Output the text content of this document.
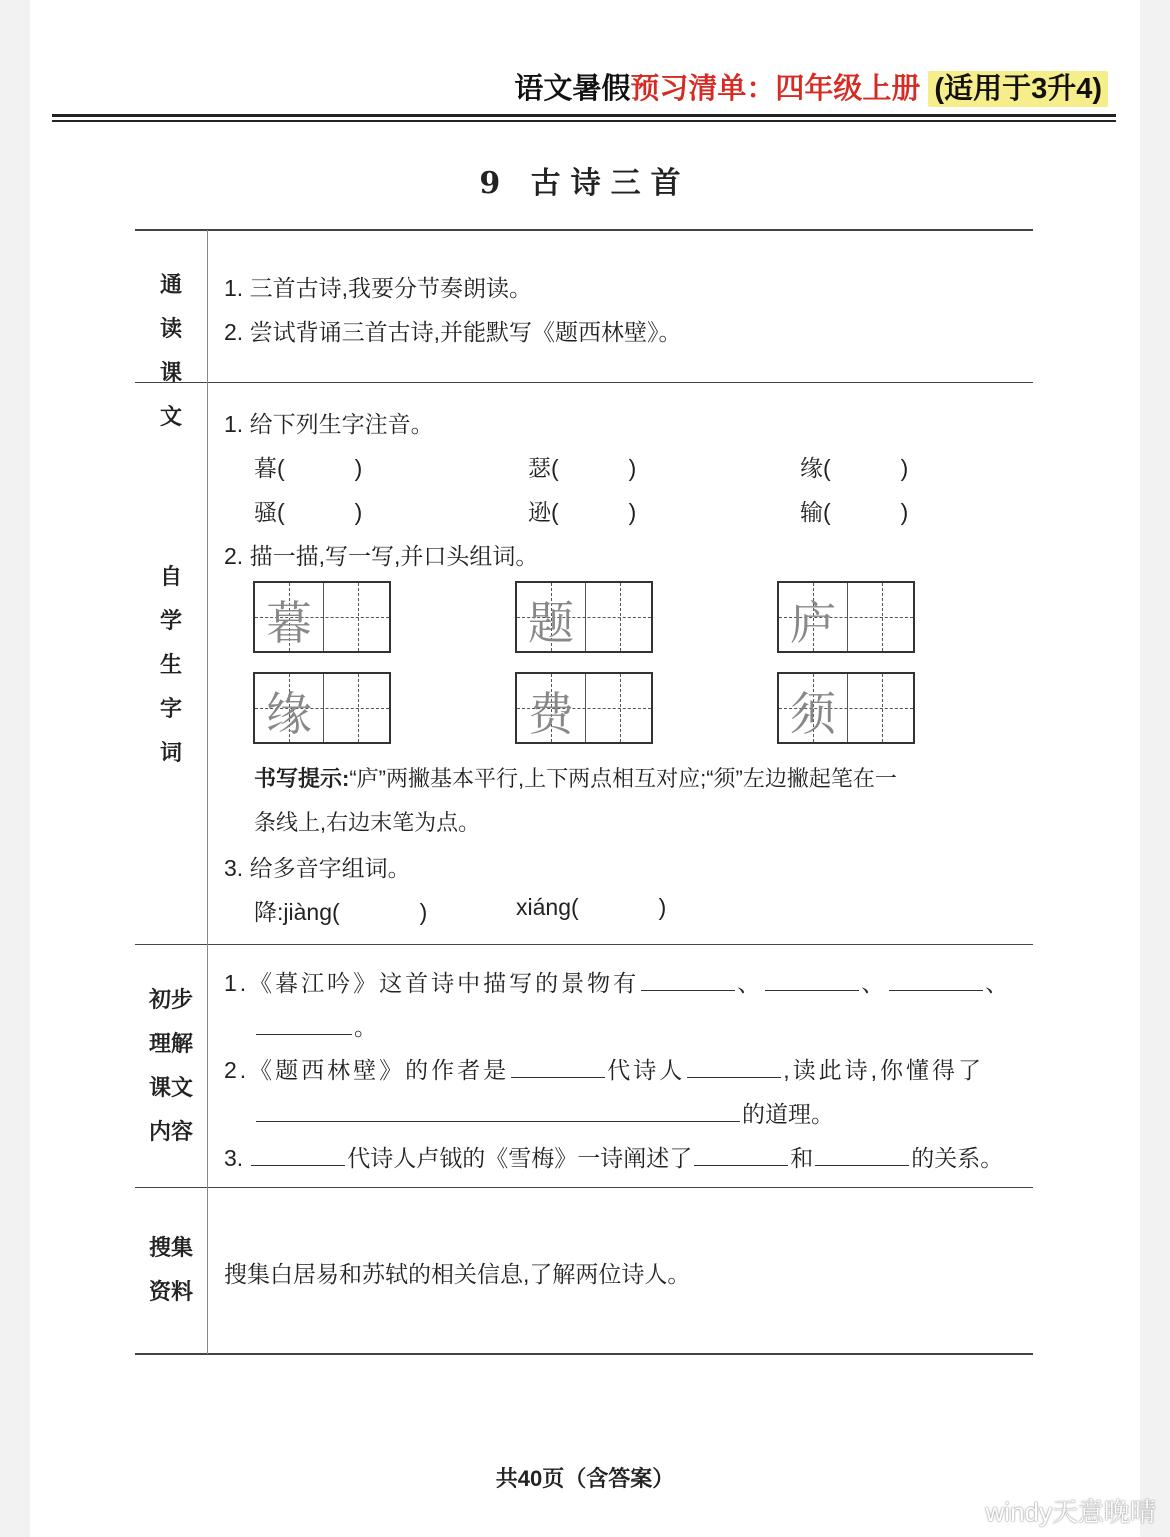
语文暑假预习清单：四年级上册 (适用于3升4)
9 古诗三首
通读课文
1. 三首古诗,我要分节奏朗读。
2. 尝试背诵三首古诗,并能默写《题西林壁》。
自学生字词
1. 给下列生字注音。
暮(	)	瑟(	)	缘(	)
骚(	)	逊(	)	输(	)
2. 描一描,写一写,并口头组词。
暮	题	庐
缘	费	须
书写提示:“庐”两撇基本平行,上下两点相互对应;“须”左边撇起笔在一
条线上,右边末笔为点。
3. 给多音字组词。
降:jiàng(	)	xiáng(	)
初步理解课文内容
1.《暮江吟》这首诗中描写的景物有	、	、	、
。
2.《题西林壁》的作者是	代诗人	,读此诗,你懂得了
的道理。
3.	代诗人卢钺的《雪梅》一诗阐述了	和	的关系。
搜集资料
搜集白居易和苏轼的相关信息,了解两位诗人。
共40页（含答案）
windy天意晚晴
